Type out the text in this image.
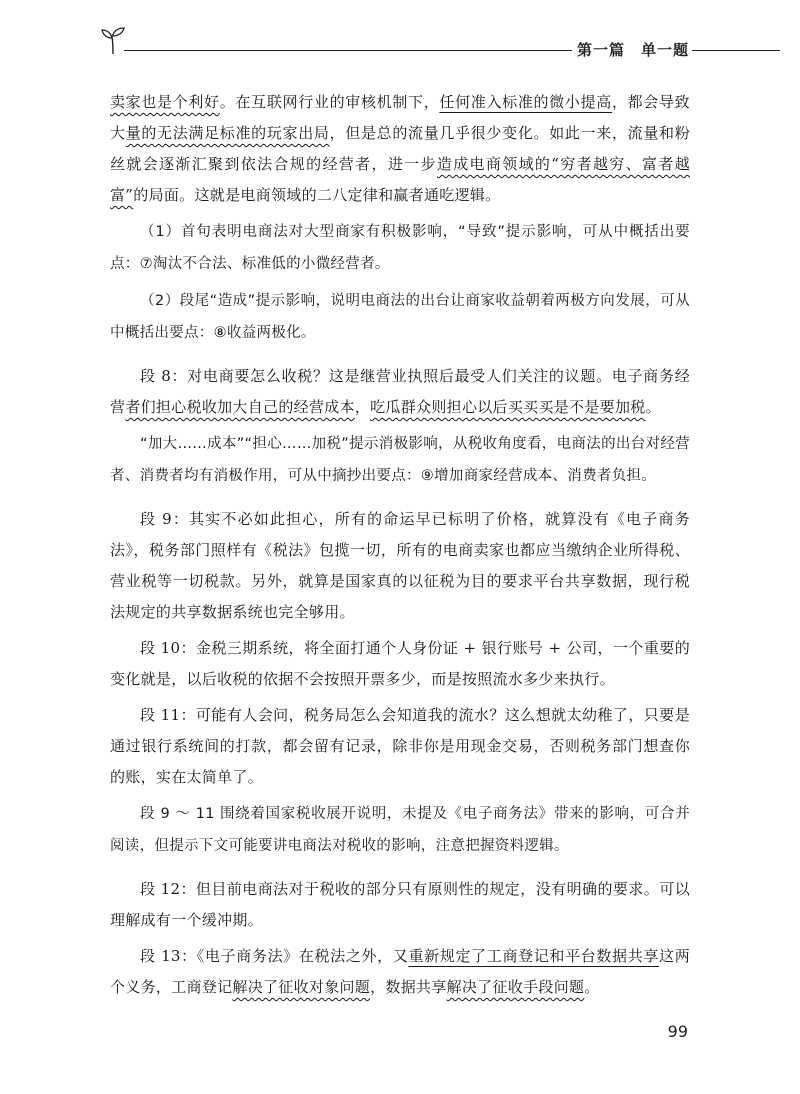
第一篇　单一题

卖家也是个利好。在互联网行业的审核机制下，任何准入标准的微小提高，都会导致大量的无法满足标准的玩家出局，但是总的流量几乎很少变化。如此一来，流量和粉丝就会逐渐汇聚到依法合规的经营者，进一步造成电商领域的“穷者越穷、富者越富”的局面。这就是电商领域的二八定律和赢者通吃逻辑。

（1）首句表明电商法对大型商家有积极影响，“导致”提示影响，可从中概括出要点：⑦淘汰不合法、标准低的小微经营者。

（2）段尾“造成”提示影响，说明电商法的出台让商家收益朝着两极方向发展，可从中概括出要点：⑧收益两极化。

段 8：对电商要怎么收税？这是继营业执照后最受人们关注的议题。电子商务经营者们担心税收加大自己的经营成本，吃瓜群众则担心以后买买买是不是要加税。

“加大……成本”“担心……加税”提示消极影响，从税收角度看，电商法的出台对经营者、消费者均有消极作用，可从中摘抄出要点：⑨增加商家经营成本、消费者负担。

段 9：其实不必如此担心，所有的命运早已标明了价格，就算没有《电子商务法》，税务部门照样有《税法》包揽一切，所有的电商卖家也都应当缴纳企业所得税、营业税等一切税款。另外，就算是国家真的以征税为目的要求平台共享数据，现行税法规定的共享数据系统也完全够用。

段 10：金税三期系统，将全面打通个人身份证 + 银行账号 + 公司，一个重要的变化就是，以后收税的依据不会按照开票多少，而是按照流水多少来执行。

段 11：可能有人会问，税务局怎么会知道我的流水？这么想就太幼稚了，只要是通过银行系统间的打款，都会留有记录，除非你是用现金交易，否则税务部门想查你的账，实在太简单了。

段 9 ～ 11 围绕着国家税收展开说明，未提及《电子商务法》带来的影响，可合并阅读，但提示下文可能要讲电商法对税收的影响，注意把握资料逻辑。

段 12：但目前电商法对于税收的部分只有原则性的规定，没有明确的要求。可以理解成有一个缓冲期。

段 13：《电子商务法》在税法之外，又重新规定了工商登记和平台数据共享这两个义务，工商登记解决了征收对象问题，数据共享解决了征收手段问题。

99
